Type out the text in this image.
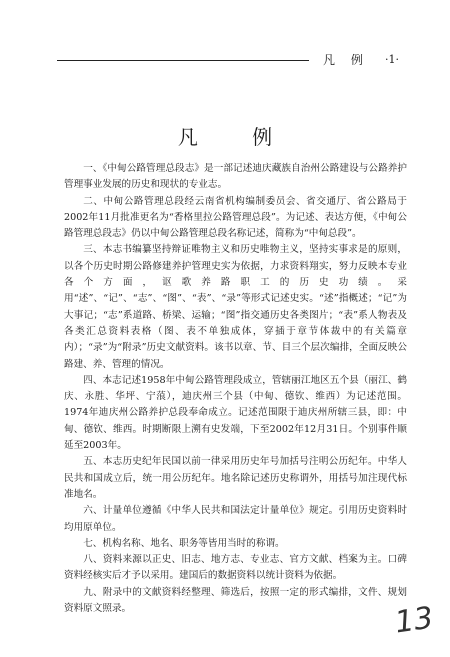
凡 例 ·1·
凡 例

一、《中甸公路管理总段志》是一部记述迪庆藏族自治州公路建设与公路养护管理事业发展的历史和现状的专业志。

二、中甸公路管理总段经云南省机构编制委员会、省交通厅、省公路局于2002年11月批准更名为“香格里拉公路管理总段”。为记述、表达方便，《中甸公路管理总段志》仍以中甸公路管理总段名称记述，简称为“中甸总段”。

三、本志书编纂坚持辩证唯物主义和历史唯物主义，坚持实事求是的原则，以各个历史时期公路修建养护管理史实为依据，力求资料翔实，努力反映本专业各个方面，讴歌养路职工的历史功绩。采用“述”、“记”、“志”、“图”、“表”、“录”等形式记述史实。“述”指概述；“记”为大事记；“志”系道路、桥梁、运输；“图”指交通历史各类图片；“表”系人物表及各类汇总资料表格（图、表不单独成体，穿插于章节体裁中的有关篇章内）；“录”为“附录”历史文献资料。该书以章、节、目三个层次编排，全面反映公路建、养、管理的情况。

四、本志记述1958年中甸公路管理段成立，管辖丽江地区五个县（丽江、鹤庆、永胜、华坪、宁蒗），迪庆州三个县（中甸、德钦、维西）为记述范围。1974年迪庆州公路养护总段奉命成立。记述范围限于迪庆州所辖三县，即：中甸、德钦、维西。时期断限上溯有史发端，下至2002年12月31日。个别事件顺延至2003年。

五、本志历史纪年民国以前一律采用历史年号加括号注明公历纪年。中华人民共和国成立后，统一用公历纪年。地名除记述历史称谓外，用括号加注现代标准地名。

六、计量单位遵循《中华人民共和国法定计量单位》规定。引用历史资料时均用原单位。

七、机构名称、地名、职务等皆用当时的称谓。

八、资料来源以正史、旧志、地方志、专业志、官方文献、档案为主。口碑资料经核实后才予以采用。建国后的数据资料以统计资料为依据。

九、附录中的文献资料经整理、筛选后，按照一定的形式编排，文件、规划资料原文照录。	13
